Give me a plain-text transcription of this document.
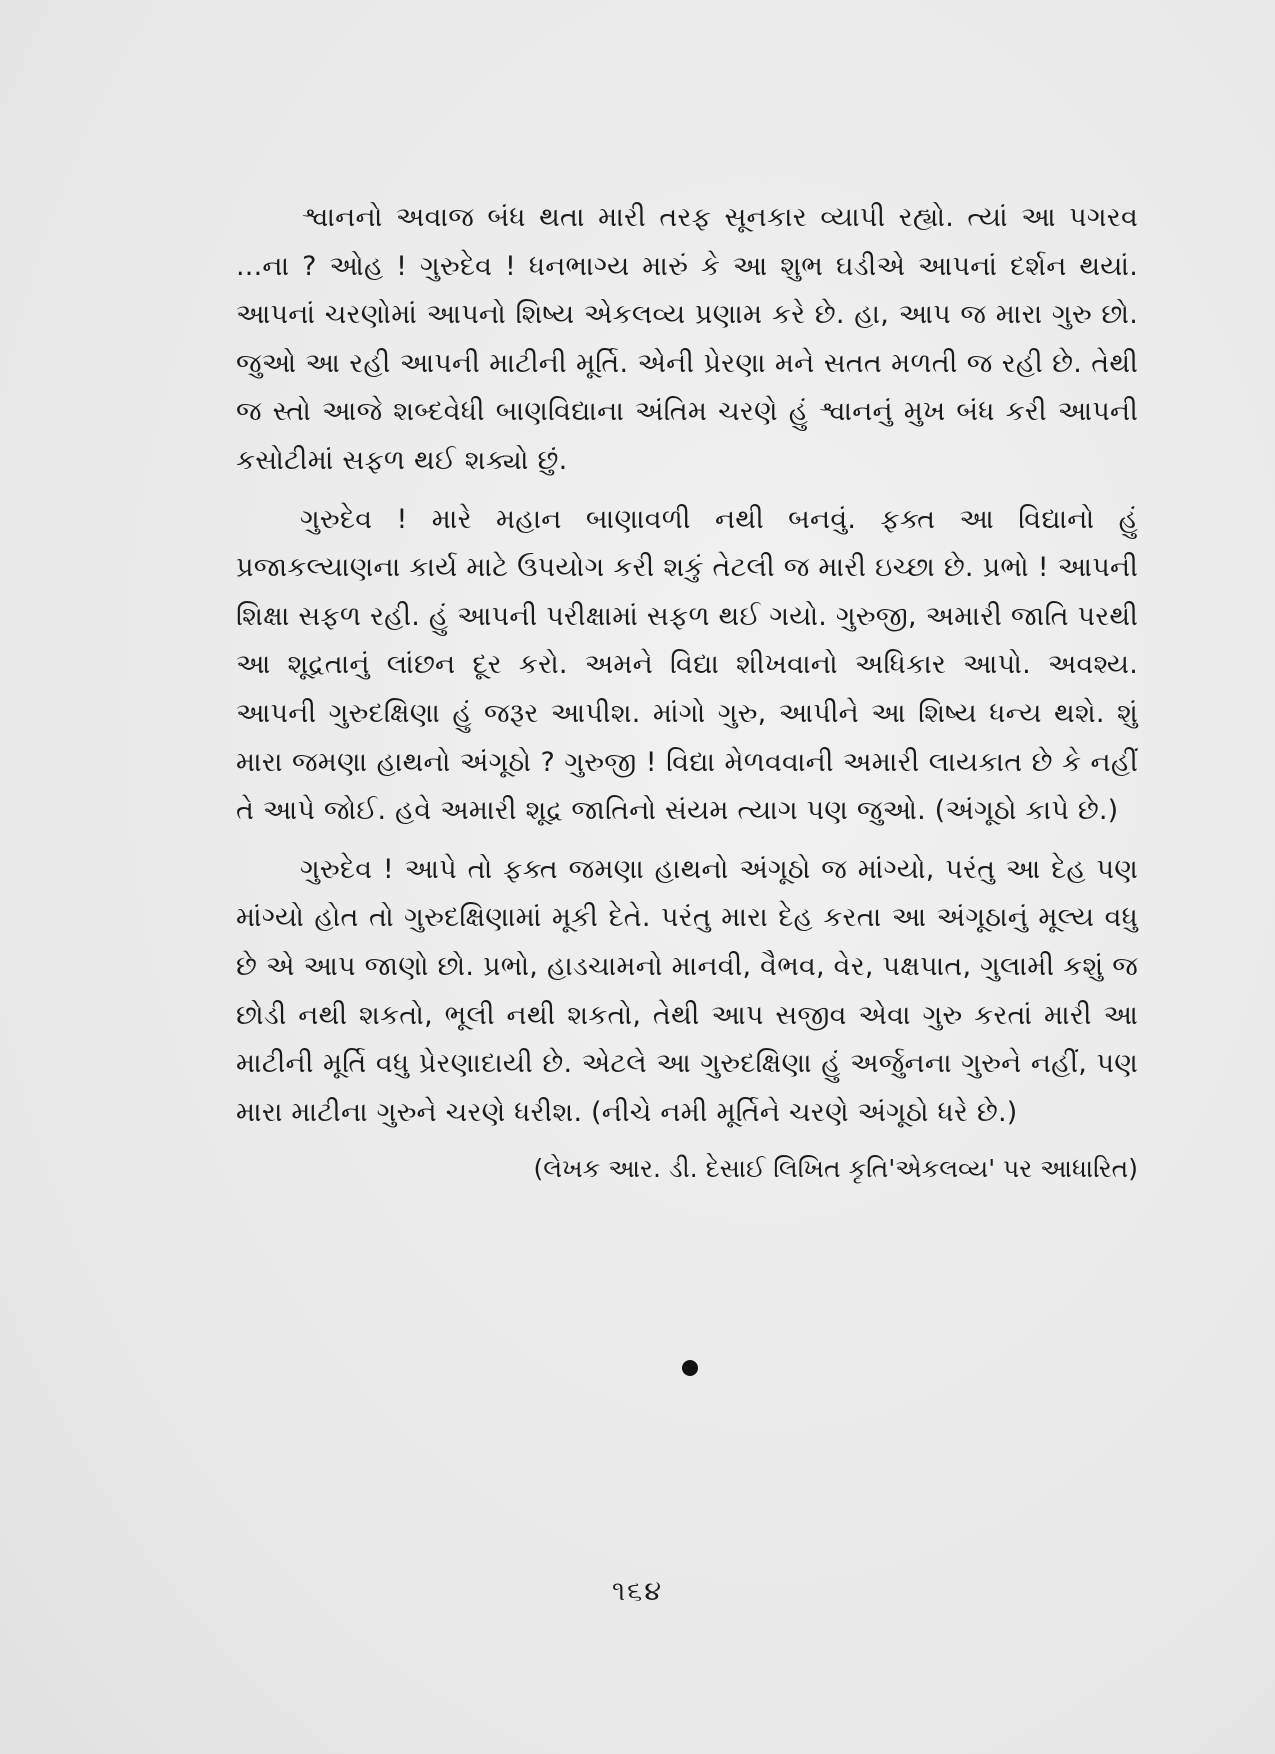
શ્વાનનો અવાજ બંધ થતા મારી તરફ સૂનકાર વ્યાપી રહ્યો. ત્યાં આ પગરવ ...ના ? ઓહ ! ગુરુદેવ ! ધનભાગ્ય મારું કે આ શુભ ઘડીએ આપનાં દર્શન થયાં. આપનાં ચરણોમાં આપનો શિષ્ય એકલવ્ય પ્રણામ કરે છે. હા, આપ જ મારા ગુરુ છો. જુઓ આ રહી આપની માટીની મૂર્તિ. એની પ્રેરણા મને સતત મળતી જ રહી છે. તેથી જ સ્તો આજે શબ્દવેધી બાણવિદ્યાના અંતિમ ચરણે હું શ્વાનનું મુખ બંધ કરી આપની કસોટીમાં સફળ થઈ શક્યો છું.

ગુરુદેવ ! મારે મહાન બાણાવળી નથી બનવું. ફક્ત આ વિદ્યાનો હું પ્રજાકલ્યાણના કાર્ય માટે ઉપયોગ કરી શકું તેટલી જ મારી ઇચ્છા છે. પ્રભો ! આપની શિક્ષા સફળ રહી. હું આપની પરીક્ષામાં સફળ થઈ ગયો. ગુરુજી, અમારી જાતિ પરથી આ શૂદ્રતાનું લાંછન દૂર કરો. અમને વિદ્યા શીખવાનો અધિકાર આપો. અવશ્ય. આપની ગુરુદક્ષિણા હું જરૂર આપીશ. માંગો ગુરુ, આપીને આ શિષ્ય ધન્ય થશે. શું મારા જમણા હાથનો અંગૂઠો ? ગુરુજી ! વિદ્યા મેળવવાની અમારી લાયકાત છે કે નહીં તે આપે જોઈ. હવે અમારી શૂદ્ર જાતિનો સંયમ ત્યાગ પણ જુઓ. (અંગૂઠો કાપે છે.)

ગુરુદેવ ! આપે તો ફક્ત જમણા હાથનો અંગૂઠો જ માંગ્યો, પરંતુ આ દેહ પણ માંગ્યો હોત તો ગુરુદક્ષિણામાં મૂકી દેતે. પરંતુ મારા દેહ કરતા આ અંગૂઠાનું મૂલ્ય વધુ છે એ આપ જાણો છો. પ્રભો, હાડચામનો માનવી, વૈભવ, વેર, પક્ષપાત, ગુલામી કશું જ છોડી નથી શકતો, ભૂલી નથી શકતો, તેથી આપ સજીવ એવા ગુરુ કરતાં મારી આ માટીની મૂર્તિ વધુ પ્રેરણાદાયી છે. એટલે આ ગુરુદક્ષિણા હું અર્જુનના ગુરુને નહીં, પણ મારા માટીના ગુરુને ચરણે ધરીશ. (નીચે નમી મૂર્તિને ચરણે અંગૂઠો ધરે છે.)

(લેખક આર. ડી. દેસાઈ લિખિત કૃતિ'એકલવ્ય' પર આધારિત)

૧૬૪
